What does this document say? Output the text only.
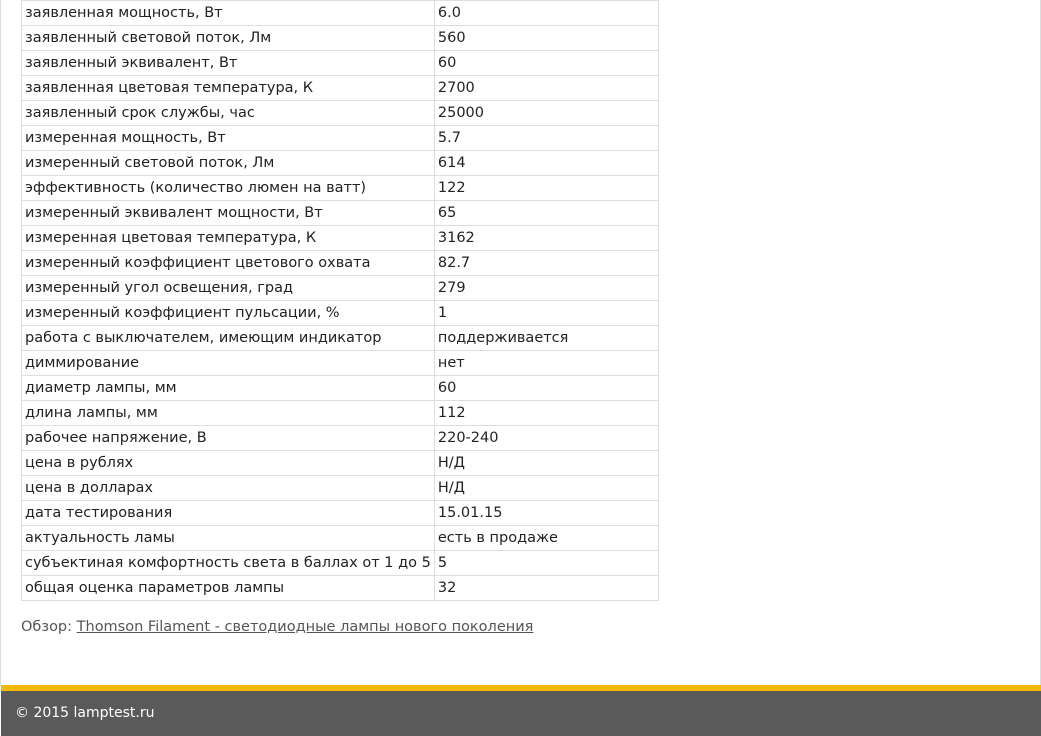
заявленная мощность, Вт	6.0
заявленный световой поток, Лм	560
заявленный эквивалент, Вт	60
заявленная цветовая температура, К	2700
заявленный срок службы, час	25000
измеренная мощность, Вт	5.7
измеренный световой поток, Лм	614
эффективность (количество люмен на ватт)	122
измеренный эквивалент мощности, Вт	65
измеренная цветовая температура, К	3162
измеренный коэффициент цветового охвата	82.7
измеренный угол освещения, град	279
измеренный коэффициент пульсации, %	1
работа с выключателем, имеющим индикатор	поддерживается
диммирование	нет
диаметр лампы, мм	60
длина лампы, мм	112
рабочее напряжение, В	220-240
цена в рублях	Н/Д
цена в долларах	Н/Д
дата тестирования	15.01.15
актуальность ламы	есть в продаже
субъектиная комфортность света в баллах от 1 до 5	5
общая оценка параметров лампы	32
Обзор: Thomson Filament - светодиодные лампы нового поколения
© 2015 lamptest.ru
